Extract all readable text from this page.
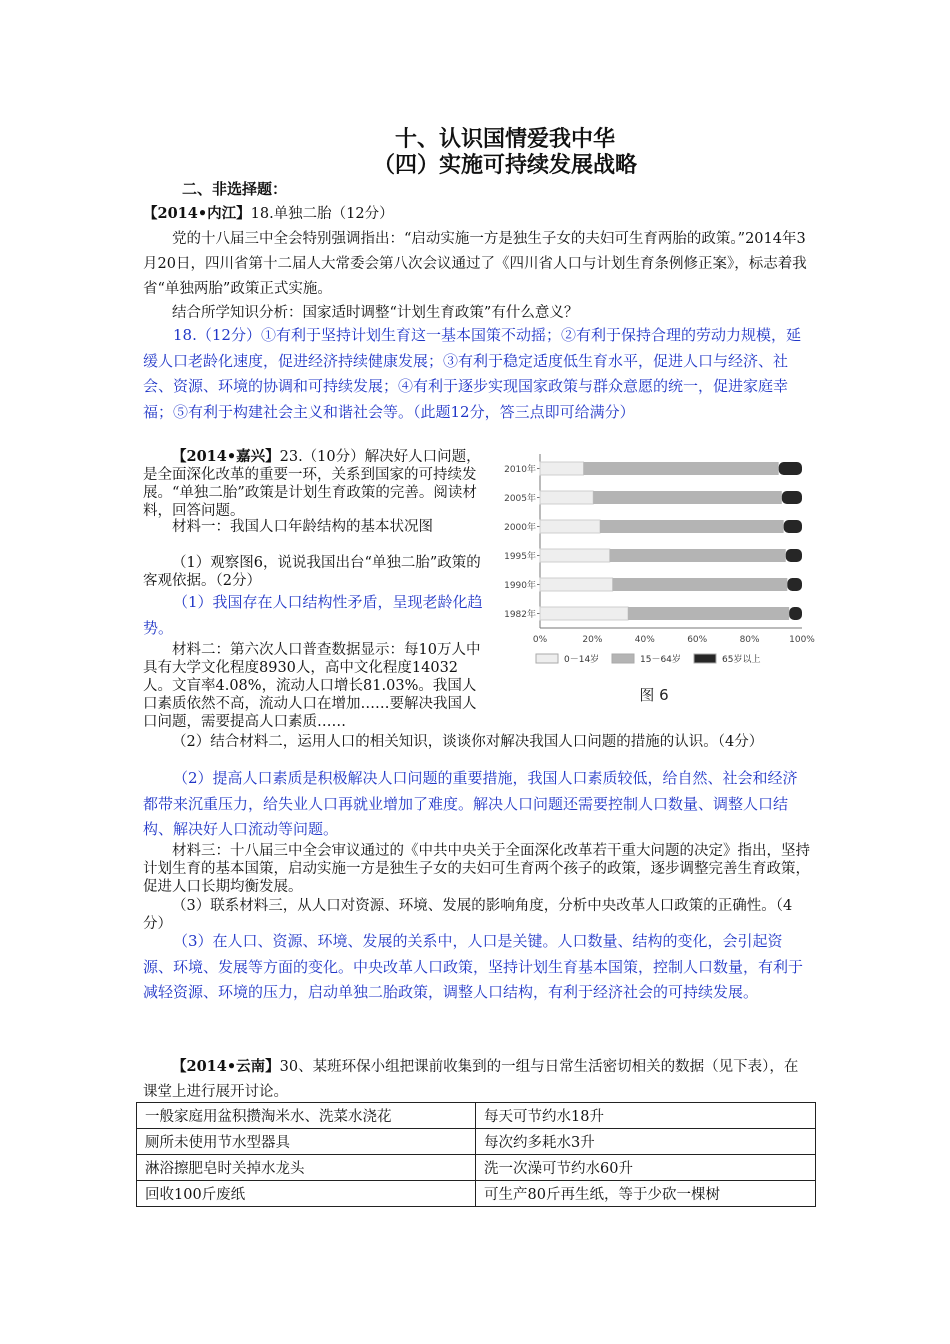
十、认识国情爱我中华
（四）实施可持续发展战略
二、非选择题：

【2014•内江】18.单独二胎（12分）

党的十八届三中全会特别强调指出：“启动实施一方是独生子女的夫妇可生育两胎的政策。”2014年3月20日，四川省第十二届人大常委会第八次会议通过了《四川省人口与计划生育条例修正案》，标志着我省“单独两胎”政策正式实施。

结合所学知识分析：国家适时调整“计划生育政策”有什么意义？

18.（12分）①有利于坚持计划生育这一基本国策不动摇；②有利于保持合理的劳动力规模，延缓人口老龄化速度，促进经济持续健康发展；③有利于稳定适度低生育水平，促进人口与经济、社会、资源、环境的协调和可持续发展；④有利于逐步实现国家政策与群众意愿的统一，促进家庭幸福；⑤有利于构建社会主义和谐社会等。（此题12分，答三点即可给满分）

【2014•嘉兴】23.（10分）解决好人口问题，是全面深化改革的重要一环，关系到国家的可持续发展。“单独二胎”政策是计划生育政策的完善。阅读材料，回答问题。

材料一：我国人口年龄结构的基本状况图

（1）观察图6，说说我国出台“单独二胎”政策的客观依据。（2分）

（1）我国存在人口结构性矛盾，呈现老龄化趋势。

材料二：第六次人口普查数据显示：每10万人中具有大学文化程度8930人，高中文化程度14032人。文盲率4.08%，流动人口增长81.03%。我国人口素质依然不高，流动人口在增加……要解决我国人口问题，需要提高人口素质……

（2）结合材料二，运用人口的相关知识，谈谈你对解决我国人口问题的措施的认识。（4分）

（2）提高人口素质是积极解决人口问题的重要措施，我国人口素质较低，给自然、社会和经济都带来沉重压力，给失业人口再就业增加了难度。解决人口问题还需要控制人口数量、调整人口结构、解决好人口流动等问题。

材料三：十八届三中全会审议通过的《中共中央关于全面深化改革若干重大问题的决定》指出，坚持计划生育的基本国策，启动实施一方是独生子女的夫妇可生育两个孩子的政策，逐步调整完善生育政策，促进人口长期均衡发展。

（3）联系材料三，从人口对资源、环境、发展的影响角度，分析中央改革人口政策的正确性。（4分）

（3）在人口、资源、环境、发展的关系中，人口是关键。人口数量、结构的变化，会引起资源、环境、发展等方面的变化。中央改革人口政策，坚持计划生育基本国策，控制人口数量，有利于减轻资源、环境的压力，启动单独二胎政策，调整人口结构，有利于经济社会的可持续发展。

2010年
2005年
2000年
1995年
1990年
1982年
0%	20%	40%	60%	80%	100%
0－14岁	15－64岁	65岁以上
图 6

【2014•云南】30、某班环保小组把课前收集到的一组与日常生活密切相关的数据（见下表），在课堂上进行展开讨论。

一般家庭用盆积攒淘米水、洗菜水浇花	每天可节约水18升
厕所未使用节水型器具	每次约多耗水3升
淋浴擦肥皂时关掉水龙头	洗一次澡可节约水60升
回收100斤废纸	可生产80斤再生纸，等于少砍一棵树
